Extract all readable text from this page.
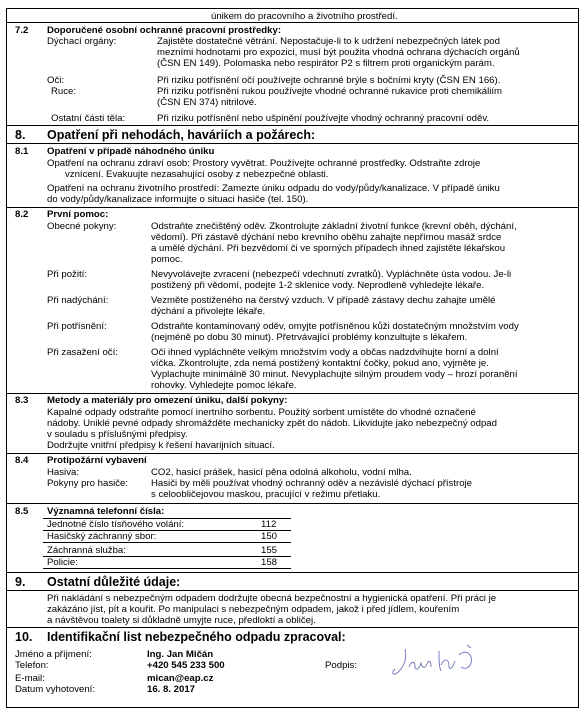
únikem do pracovního a životního prostředí.
7.2 Doporučené osobní ochranné pracovní prostředky:
Dýchací orgány:	Zajistěte dostatečné větrání. Nepostačuje-li to k udržení nebezpečných látek pod
mezními hodnotami pro expozici, musí být použita vhodná ochrana dýchacích orgánů
(ČSN EN 149). Polomaska nebo respirátor P2 s filtrem proti organickým parám.
Oči:	Při riziku potřísnění očí používejte ochranné brýle s bočními kryty (ČSN EN 166).
Ruce:	Při riziku potřísnění rukou používejte vhodné ochranné rukavice proti chemikáliím
(ČSN EN 374) nitrilové.
Ostatní části těla:	Při riziku potřísnění nebo ušpinění používejte vhodný ochranný pracovní oděv.
8. Opatření při nehodách, haváriích a požárech:
8.1 Opatření v případě náhodného úniku
Opatření na ochranu zdraví osob: Prostory vyvětrat. Používejte ochranné prostředky. Odstraňte zdroje
vznícení. Evakuujte nezasahující osoby z nebezpečné oblasti.
Opatření na ochranu životního prostředí: Zamezte úniku odpadu do vody/půdy/kanalizace. V případě úniku
do vody/půdy/kanalizace informujte o situaci hasiče (tel. 150).
8.2 První pomoc:
Obecné pokyny:	Odstraňte znečištěný oděv. Zkontrolujte základní životní funkce (krevní oběh, dýchání,
vědomí). Při zástavě dýchání nebo krevního oběhu zahajte nepřímou masáž srdce
a umělé dýchání. Při bezvědomí či ve sporných případech ihned zajistěte lékařskou
pomoc.
Při požití:	Nevyvolávejte zvracení (nebezpečí vdechnutí zvratků). Vypláchněte ústa vodou. Je-li
postižený při vědomí, podejte 1-2 sklenice vody. Neprodleně vyhledejte lékaře.
Při nadýchání:	Vezměte postiženého na čerstvý vzduch. V případě zástavy dechu zahajte umělé
dýchání a přivolejte lékaře.
Při potřísnění:	Odstraňte kontaminovaný oděv, omyjte potřísněnou kůži dostatečným množstvím vody
(nejméně po dobu 30 minut). Přetrvávající problémy konzultujte s lékařem.
Při zasažení očí:	Oči ihned vypláchněte velkým množstvím vody a občas nadzdvihujte horní a dolní
víčka. Zkontrolujte, zda nemá postižený kontaktní čočky, pokud ano, vyjměte je.
Vyplachujte minimálně 30 minut. Nevyplachujte silným proudem vody – hrozí poranění
rohovky. Vyhledejte pomoc lékaře.
8.3 Metody a materiály pro omezení úniku, další pokyny:
Kapalné odpady odstraňte pomocí inertního sorbentu. Použitý sorbent umístěte do vhodné označené
nádoby. Uniklé pevné odpady shromážděte mechanicky zpět do nádob. Likvidujte jako nebezpečný odpad
v souladu s příslušnými předpisy.
Dodržujte vnitřní předpisy k řešení havarijních situací.
8.4 Protipožární vybavení
Hasiva:	CO2, hasicí prášek, hasicí pěna odolná alkoholu, vodní mlha.
Pokyny pro hasiče: Hasiči by měli používat vhodný ochranný oděv a nezávislé dýchací přístroje
s celoobličejovou maskou, pracující v režimu přetlaku.
8.5 Významná telefonní čísla:
Jednotné číslo tísňového volání:	112
Hasičský záchranný sbor:	150
Záchranná služba:	155
Policie:	158
9. Ostatní důležité údaje:
Při nakládání s nebezpečným odpadem dodržujte obecná bezpečnostní a hygienická opatření. Při práci je
zakázáno jíst, pít a kouřit. Po manipulaci s nebezpečným odpadem, jakož i před jídlem, kouřením
a návštěvou toalety si důkladně umyjte ruce, předloktí a obličej.
10. Identifikační list nebezpečného odpadu zpracoval:
Jméno a příjmení:	Ing. Jan Mičán
Telefon:	+420 545 233 500	Podpis:
E-mail:	mican@eap.cz
Datum vyhotovení:	16. 8. 2017
